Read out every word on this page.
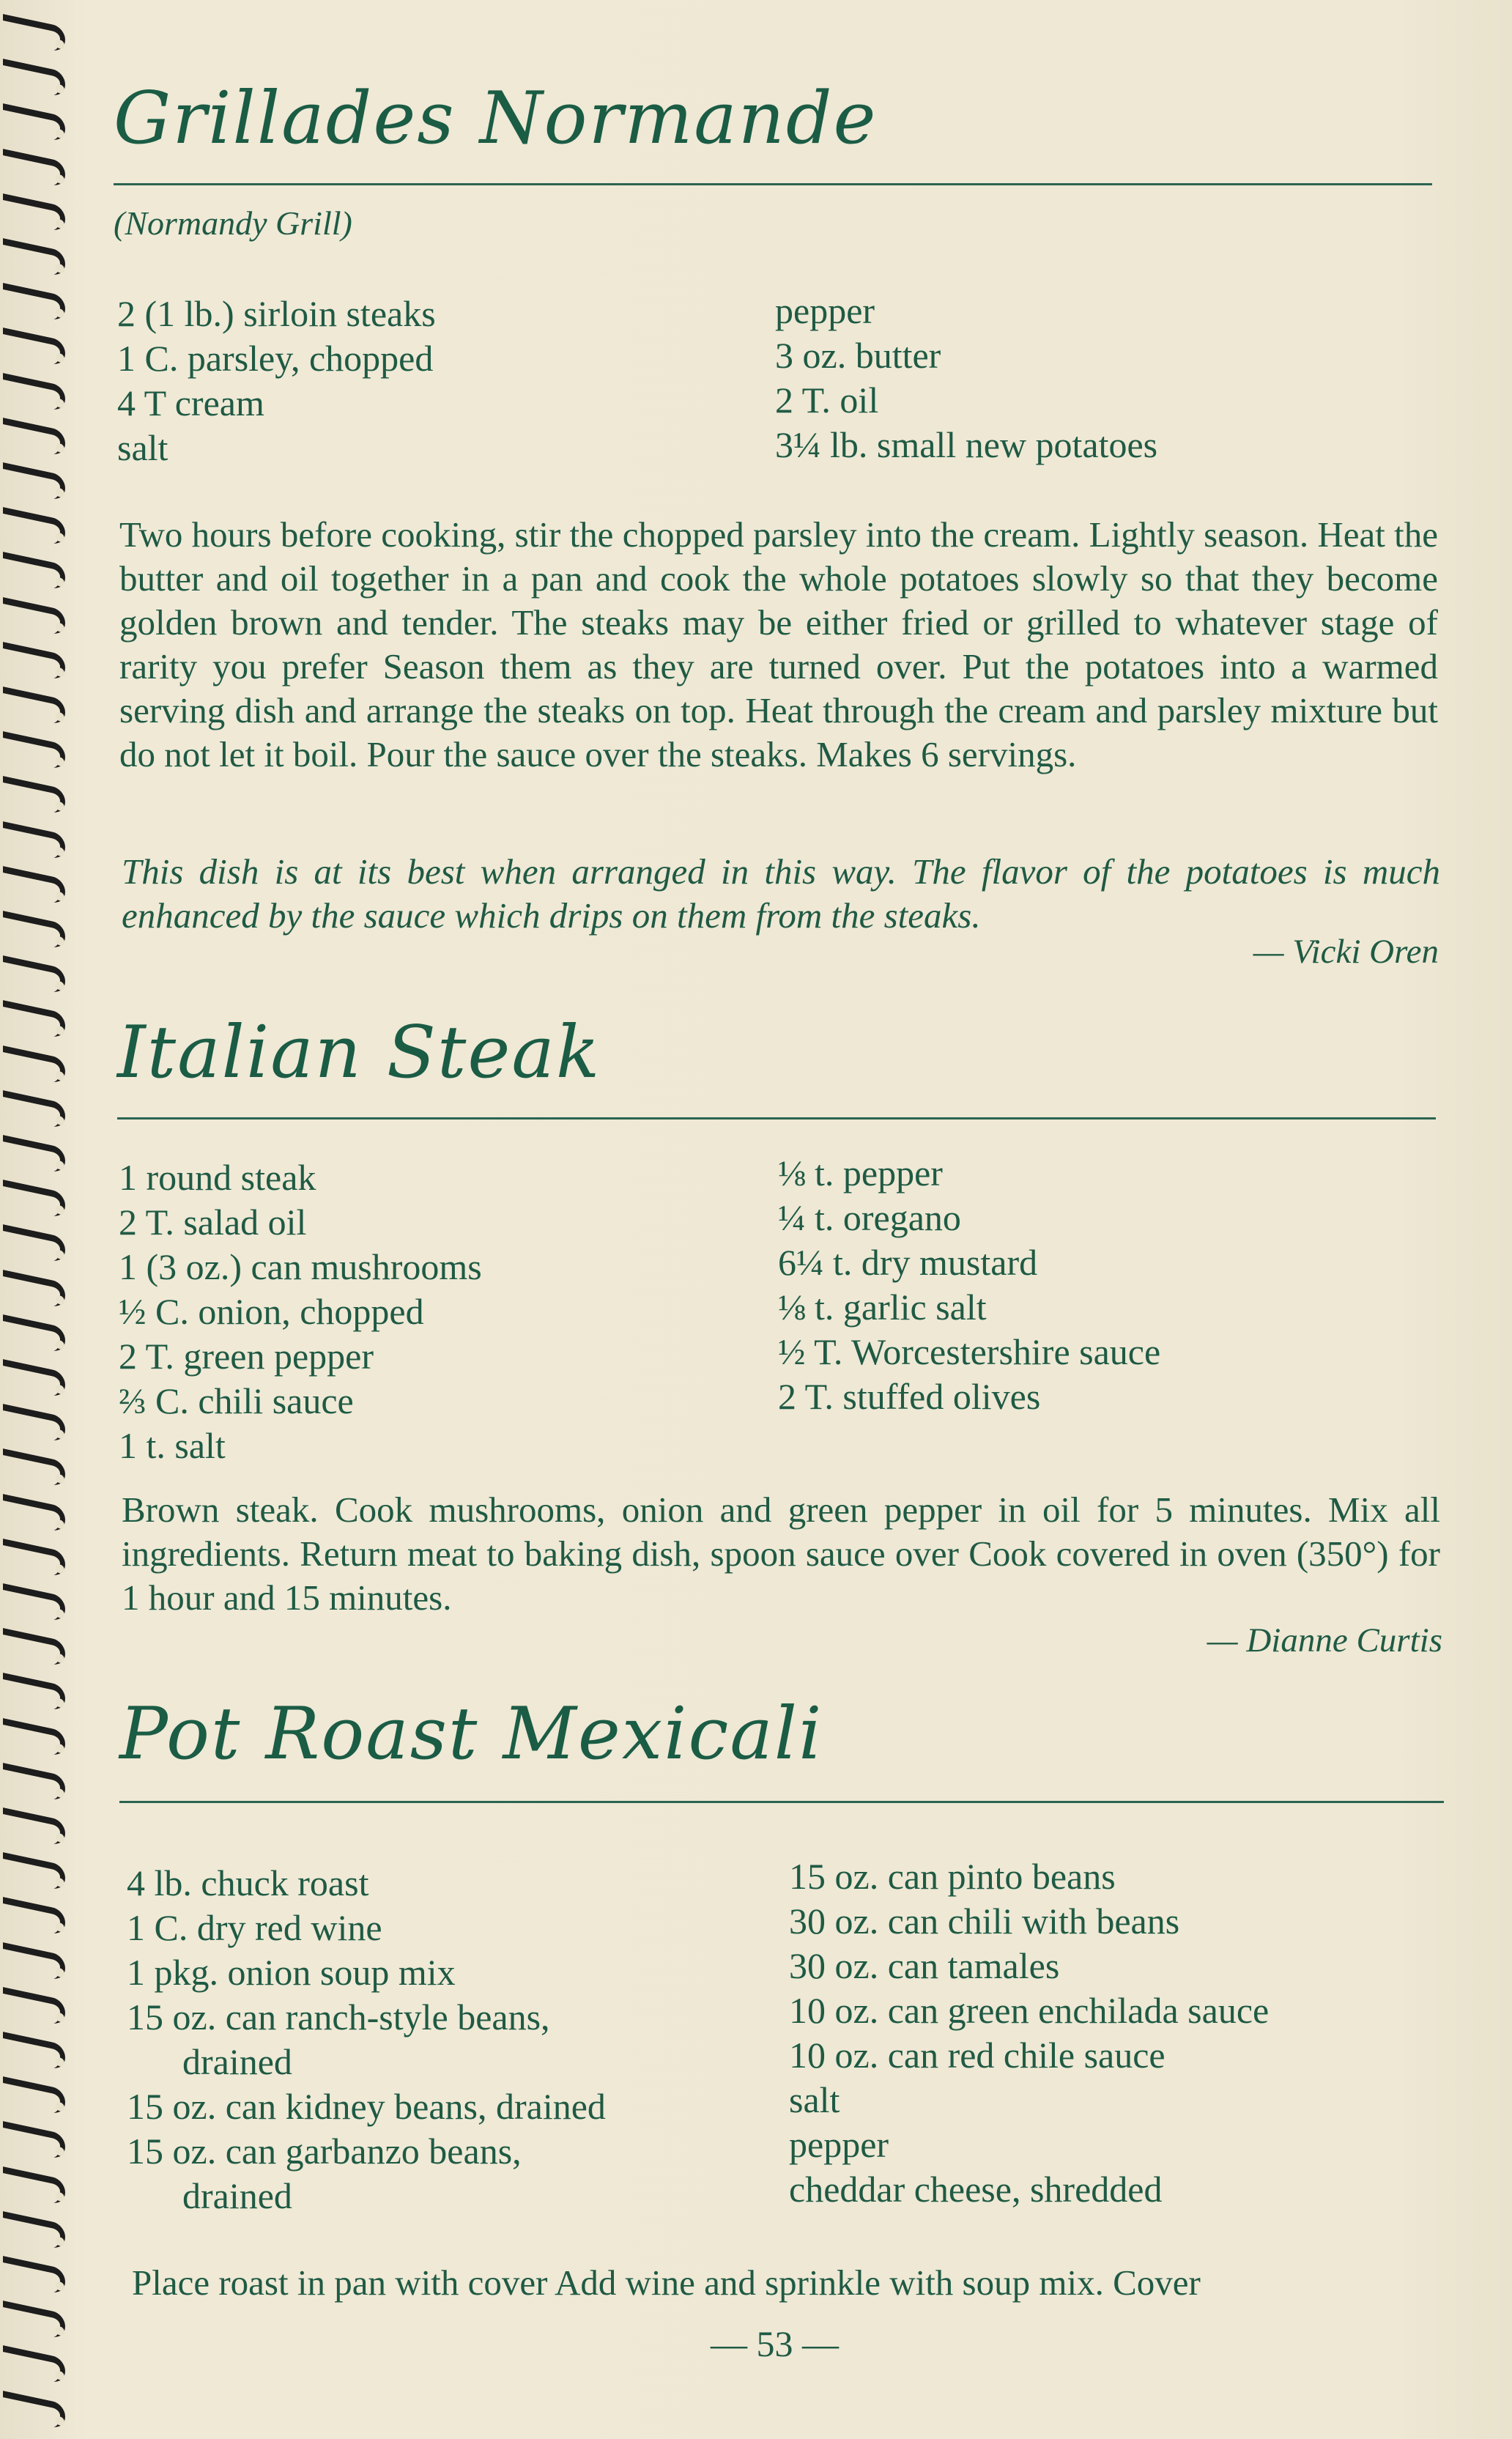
Grillades Normande
(Normandy Grill)
2 (1 lb.) sirloin steaks
1 C. parsley, chopped
4 T cream
salt
pepper
3 oz. butter
2 T. oil
3¼ lb. small new potatoes
Two hours before cooking, stir the chopped parsley into the cream. Lightly season. Heat the butter and oil together in a pan and cook the whole potatoes slowly so that they become golden brown and tender. The steaks may be either fried or grilled to whatever stage of rarity you prefer Season them as they are turned over. Put the potatoes into a warmed serving dish and arrange the steaks on top. Heat through the cream and parsley mixture but do not let it boil. Pour the sauce over the steaks. Makes 6 servings.
This dish is at its best when arranged in this way. The flavor of the potatoes is much enhanced by the sauce which drips on them from the steaks.
— Vicki Oren
Italian Steak
1 round steak
2 T. salad oil
1 (3 oz.) can mushrooms
½ C. onion, chopped
2 T. green pepper
⅔ C. chili sauce
1 t. salt
⅛ t. pepper
¼ t. oregano
6¼ t. dry mustard
⅛ t. garlic salt
½ T. Worcestershire sauce
2 T. stuffed olives
Brown steak. Cook mushrooms, onion and green pepper in oil for 5 minutes. Mix all ingredients. Return meat to baking dish, spoon sauce over Cook covered in oven (350°) for 1 hour and 15 minutes.
— Dianne Curtis
Pot Roast Mexicali
4 lb. chuck roast
1 C. dry red wine
1 pkg. onion soup mix
15 oz. can ranch-style beans,
drained
15 oz. can kidney beans, drained
15 oz. can garbanzo beans,
drained
15 oz. can pinto beans
30 oz. can chili with beans
30 oz. can tamales
10 oz. can green enchilada sauce
10 oz. can red chile sauce
salt
pepper
cheddar cheese, shredded
Place roast in pan with cover Add wine and sprinkle with soup mix. Cover
— 53 —
